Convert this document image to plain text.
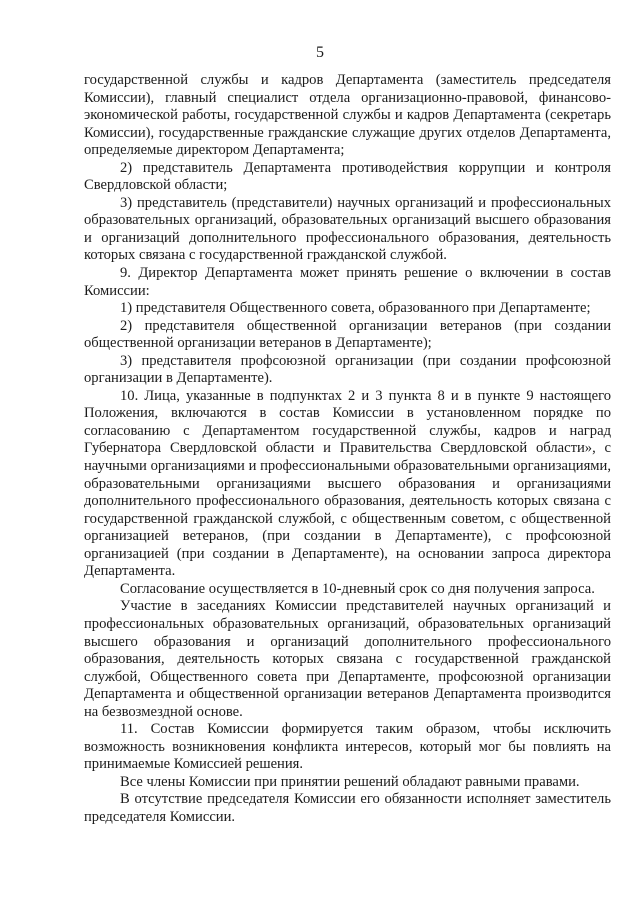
5

государственной службы и кадров Департамента (заместитель председателя Комиссии), главный специалист отдела организационно-правовой, финансово-экономической работы, государственной службы и кадров Департамента (секретарь Комиссии), государственные гражданские служащие других отделов Департамента, определяемые директором Департамента;

2) представитель Департамента противодействия коррупции и контроля Свердловской области;

3) представитель (представители) научных организаций и профессиональных образовательных организаций, образовательных организаций высшего образования и организаций дополнительного профессионального образования, деятельность которых связана с государственной гражданской службой.

9. Директор Департамента может принять решение о включении в состав Комиссии:

1) представителя Общественного совета, образованного при Департаменте;

2) представителя общественной организации ветеранов (при создании общественной организации ветеранов в Департаменте);

3) представителя профсоюзной организации (при создании профсоюзной организации в Департаменте).

10. Лица, указанные в подпунктах 2 и 3 пункта 8 и в пункте 9 настоящего Положения, включаются в состав Комиссии в установленном порядке по согласованию с Департаментом государственной службы, кадров и наград Губернатора Свердловской области и Правительства Свердловской области», с научными организациями и профессиональными образовательными организациями, образовательными организациями высшего образования и организациями дополнительного профессионального образования, деятельность которых связана с государственной гражданской службой, с общественным советом, с общественной организацией ветеранов, (при создании в Департаменте), с профсоюзной организацией (при создании в Департаменте), на основании запроса директора Департамента.

Согласование осуществляется в 10-дневный срок со дня получения запроса.

Участие в заседаниях Комиссии представителей научных организаций и профессиональных образовательных организаций, образовательных организаций высшего образования и организаций дополнительного профессионального образования, деятельность которых связана с государственной гражданской службой, Общественного совета при Департаменте, профсоюзной организации Департамента и общественной организации ветеранов Департамента производится на безвозмездной основе.

11. Состав Комиссии формируется таким образом, чтобы исключить возможность возникновения конфликта интересов, который мог бы повлиять на принимаемые Комиссией решения.

Все члены Комиссии при принятии решений обладают равными правами.

В отсутствие председателя Комиссии его обязанности исполняет заместитель председателя Комиссии.
